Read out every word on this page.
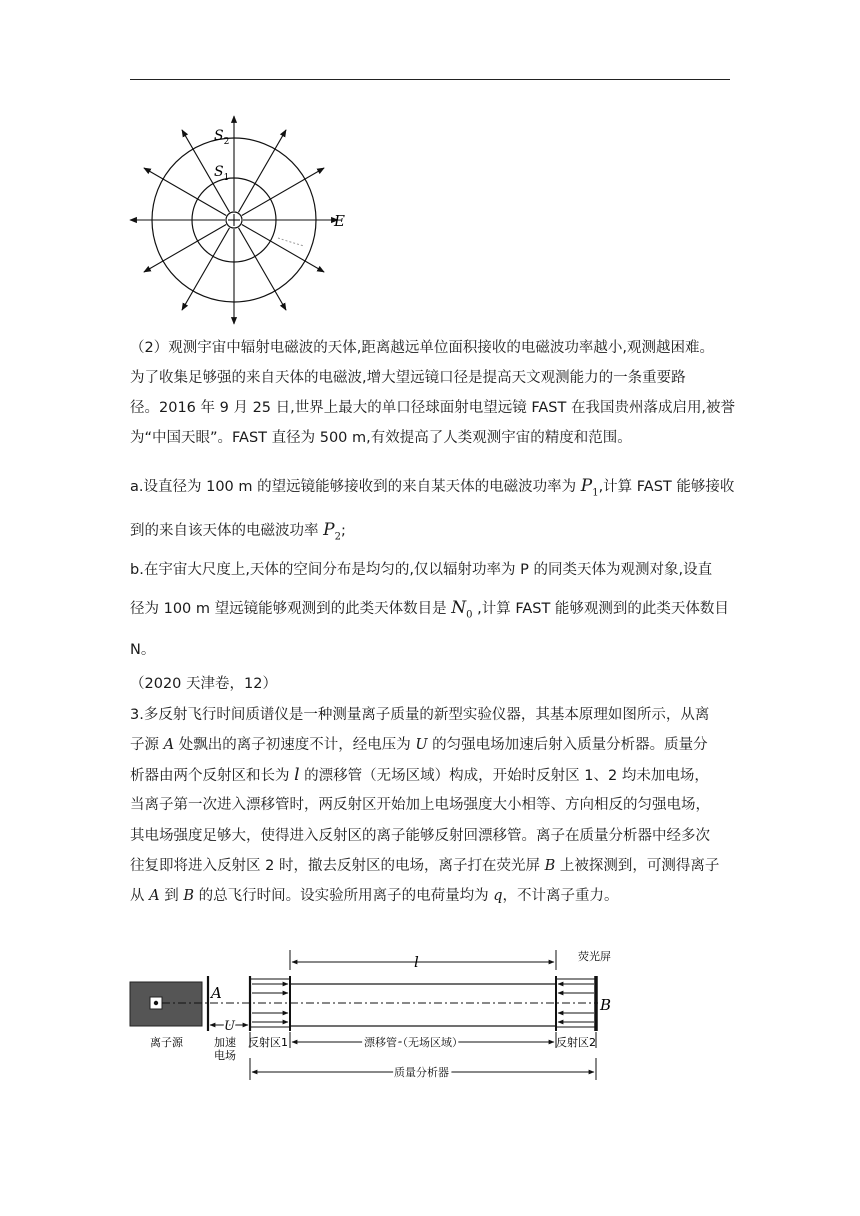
$S_2$
$S_1$
E
（2）观测宇宙中辐射电磁波的天体,距离越远单位面积接收的电磁波功率越小,观测越困难。
为了收集足够强的来自天体的电磁波,增大望远镜口径是提高天文观测能力的一条重要路
径。2016 年 9 月 25 日,世界上最大的单口径球面射电望远镜 FAST 在我国贵州落成启用,被誉
为“中国天眼”。FAST 直径为 500 m,有效提高了人类观测宇宙的精度和范围。
a.设直径为 100 m 的望远镜能够接收到的来自某天体的电磁波功率为 $P_1$,计算 FAST 能够接收
到的来自该天体的电磁波功率 $P_2$;
b.在宇宙大尺度上,天体的空间分布是均匀的,仅以辐射功率为 P 的同类天体为观测对象,设直
径为 100 m 望远镜能够观测到的此类天体数目是 $N_0$ ,计算 FAST 能够观测到的此类天体数目
N。
（2020 天津卷，12）
3.多反射飞行时间质谱仪是一种测量离子质量的新型实验仪器，其基本原理如图所示，从离
子源 A 处飘出的离子初速度不计，经电压为 U 的匀强电场加速后射入质量分析器。质量分
析器由两个反射区和长为 l 的漂移管（无场区域）构成，开始时反射区 1、2 均未加电场，
当离子第一次进入漂移管时，两反射区开始加上电场强度大小相等、方向相反的匀强电场，
其电场强度足够大，使得进入反射区的离子能够反射回漂移管。离子在质量分析器中经多次
往复即将进入反射区 2 时，撤去反射区的电场，离子打在荧光屏 B 上被探测到，可测得离子
从 A 到 B 的总飞行时间。设实验所用离子的电荷量均为 q，不计离子重力。
l
U
A
B
离子源	加速
电场
反射区1	漂移管（无场区域）	反射区2
荧光屏
质量分析器
